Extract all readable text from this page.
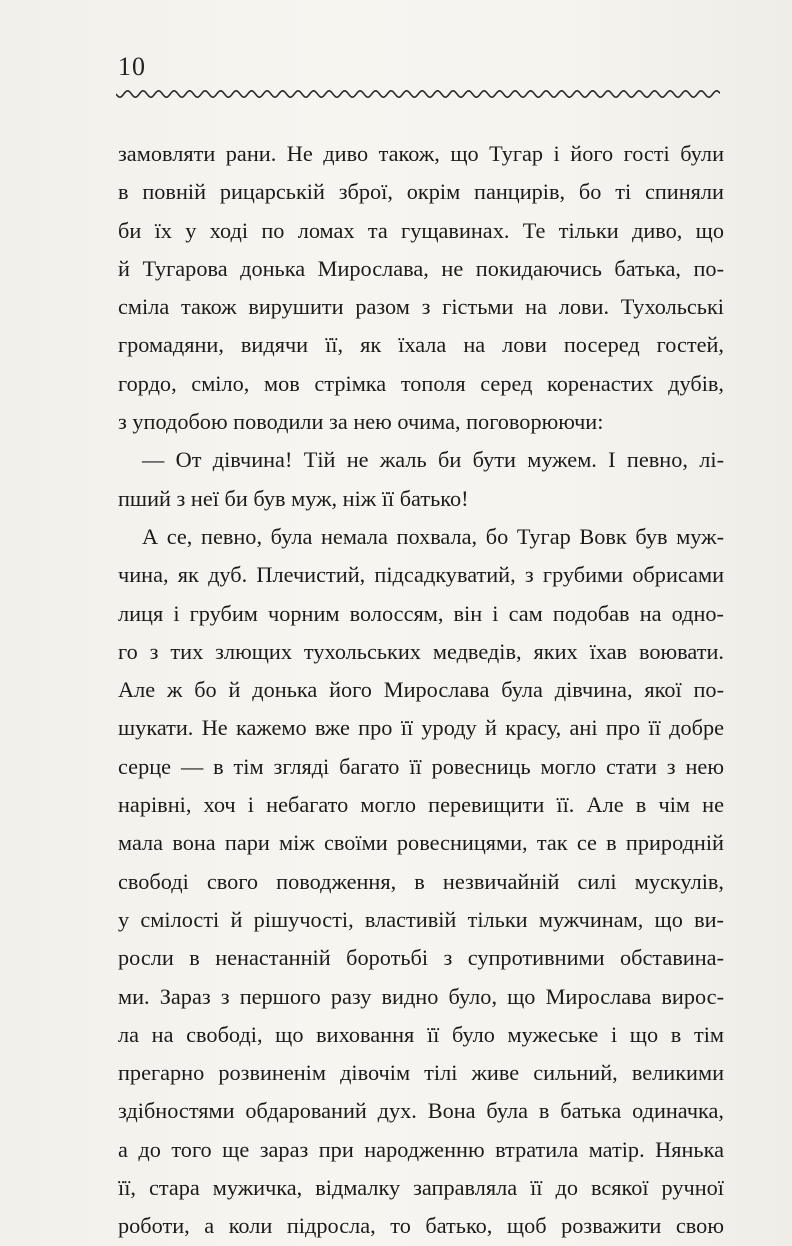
10
замовляти рани. Не диво також, що Тугар і його гості були
в повній рицарській зброї, окрім панцирів, бо ті спиняли
би їх у ході по ломах та гущавинах. Те тільки диво, що
й Тугарова донька Мирослава, не покидаючись батька, по-
сміла також вирушити разом з гістьми на лови. Тухольські
громадяни, видячи її, як їхала на лови посеред гостей,
гордо, сміло, мов стрімка тополя серед коренастих дубів,
з уподобою поводили за нею очима, поговорюючи:
— От дівчина! Тій не жаль би бути мужем. І певно, лі-
пший з неї би був муж, ніж її батько!
А се, певно, була немала похвала, бо Тугар Вовк був муж-
чина, як дуб. Плечистий, підсадкуватий, з грубими обрисами
лиця і грубим чорним волоссям, він і сам подобав на одно-
го з тих злющих тухольських медведів, яких їхав воювати.
Але ж бо й донька його Мирослава була дівчина, якої по-
шукати. Не кажемо вже про її уроду й красу, ані про її добре
серце — в тім зглядi багато її ровесниць могло стати з нею
нарівні, хоч і небагато могло перевищити її. Але в чім не
мала вона пари між своїми ровесницями, так се в природній
свободі свого поводження, в незвичайній силі мускулів,
у смілості й рішучості, властивій тільки мужчинам, що ви-
росли в ненастанній боротьбі з супротивними обставина-
ми. Зараз з першого разу видно було, що Мирослава вирос-
ла на свободі, що виховання її було мужеське і що в тім
прегарно розвиненім дівочім тілі живе сильний, великими
здібностями обдарований дух. Вона була в батька одиначка,
а до того ще зараз при народженню втратила матір. Нянька
її, стара мужичка, відмалку заправляла її до всякої ручної
роботи, а коли підросла, то батько, щоб розважити свою
